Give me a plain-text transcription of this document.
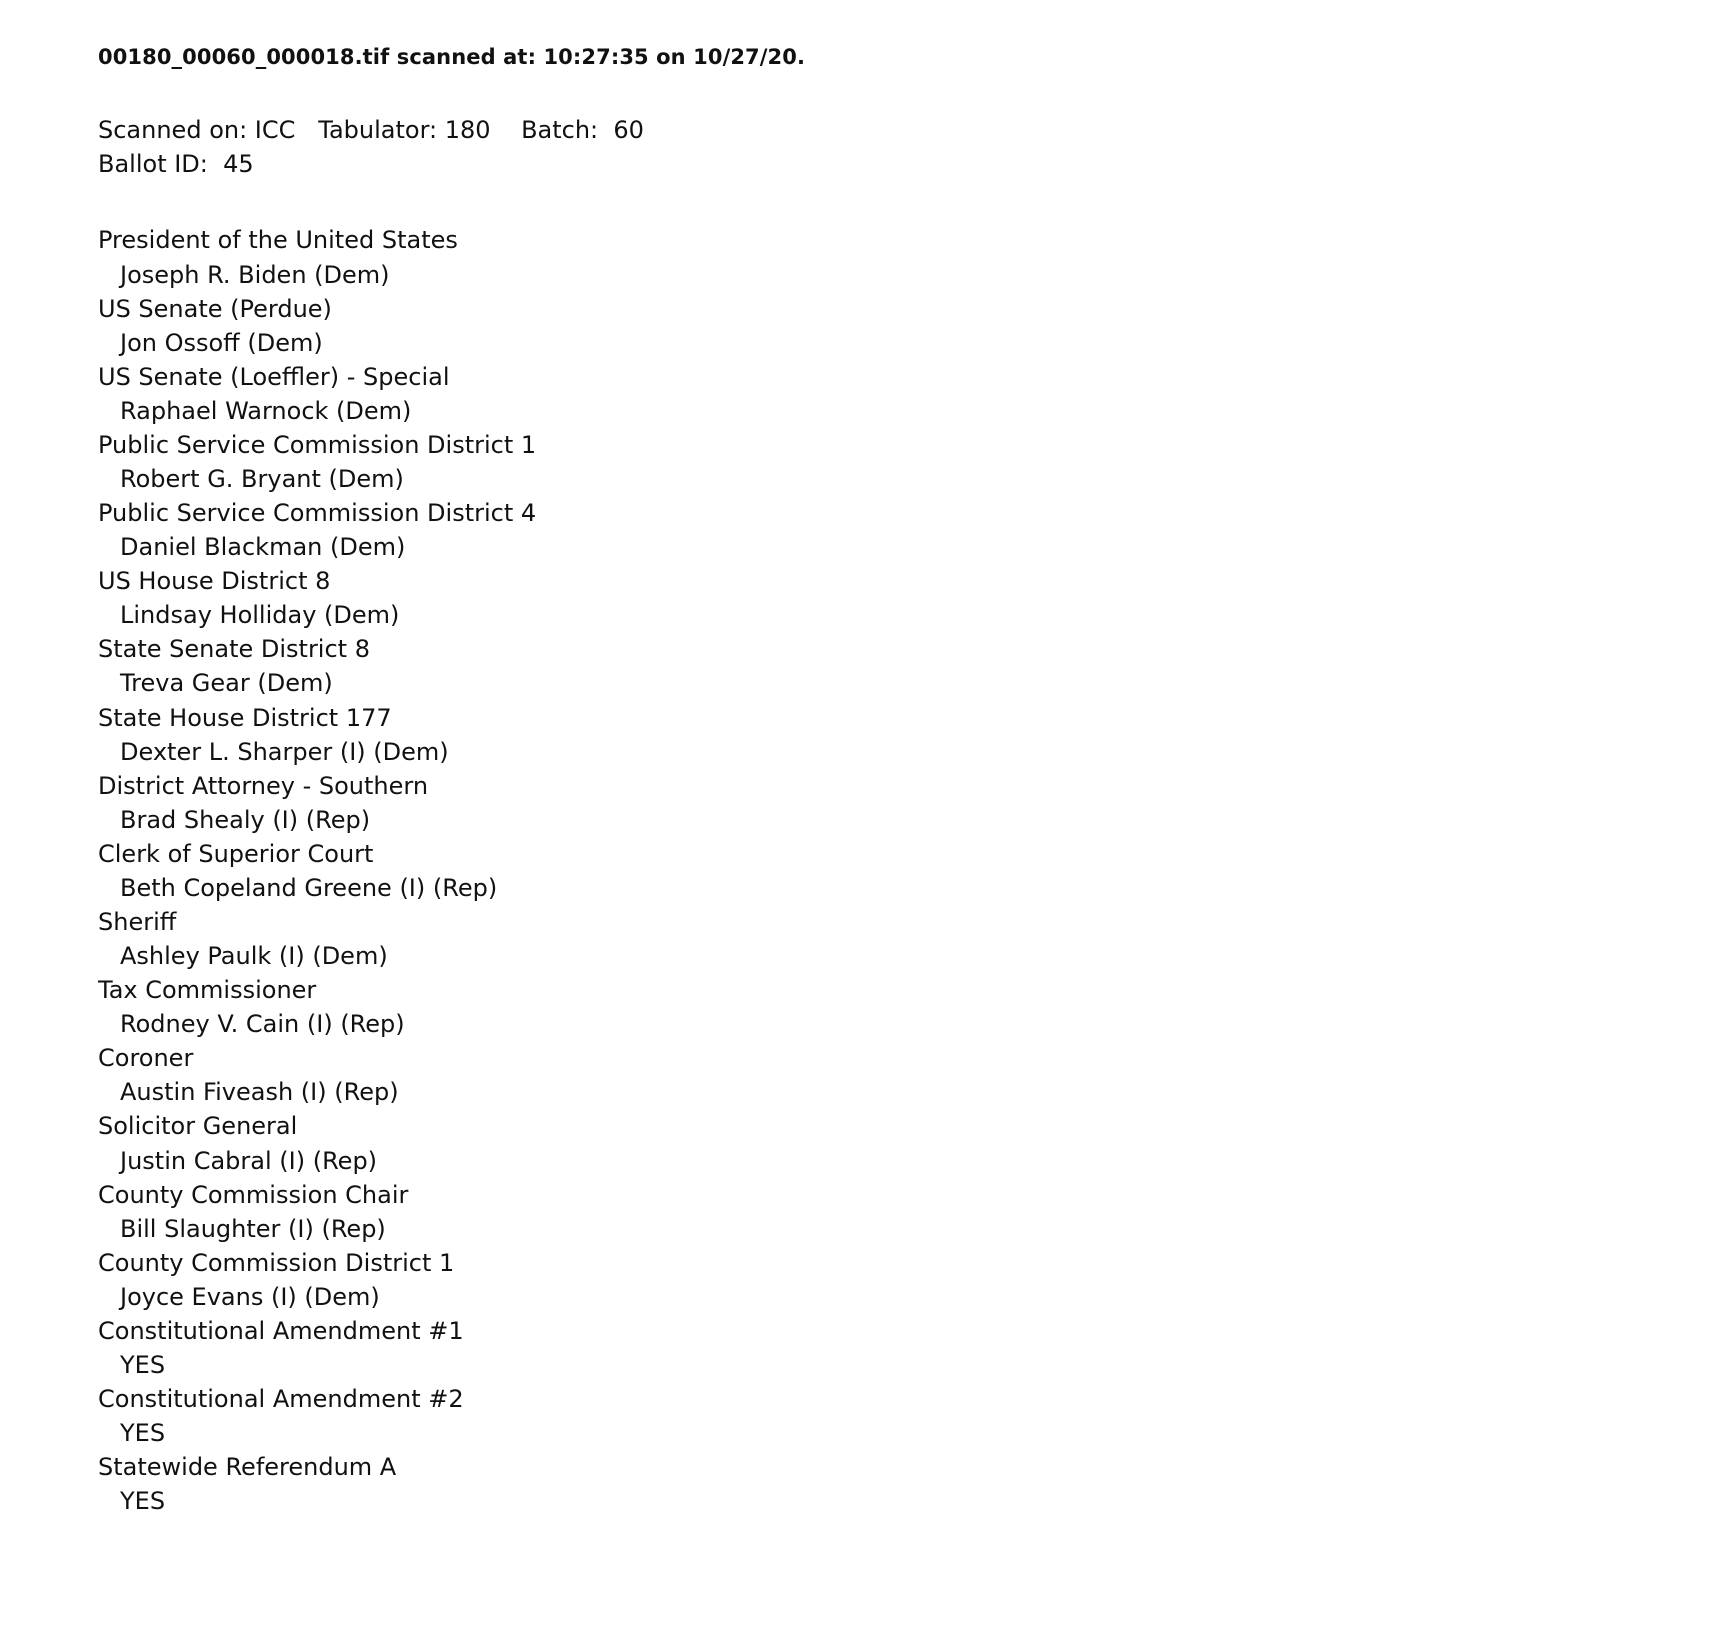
00180_00060_000018.tif scanned at: 10:27:35 on 10/27/20.
Scanned on: ICC   Tabulator: 180    Batch:  60
Ballot ID:  45
President of the United States
Joseph R. Biden (Dem)
US Senate (Perdue)
Jon Ossoff (Dem)
US Senate (Loeffler) - Special
Raphael Warnock (Dem)
Public Service Commission District 1
Robert G. Bryant (Dem)
Public Service Commission District 4
Daniel Blackman (Dem)
US House District 8
Lindsay Holliday (Dem)
State Senate District 8
Treva Gear (Dem)
State House District 177
Dexter L. Sharper (I) (Dem)
District Attorney - Southern
Brad Shealy (I) (Rep)
Clerk of Superior Court
Beth Copeland Greene (I) (Rep)
Sheriff
Ashley Paulk (I) (Dem)
Tax Commissioner
Rodney V. Cain (I) (Rep)
Coroner
Austin Fiveash (I) (Rep)
Solicitor General
Justin Cabral (I) (Rep)
County Commission Chair
Bill Slaughter (I) (Rep)
County Commission District 1
Joyce Evans (I) (Dem)
Constitutional Amendment #1
YES
Constitutional Amendment #2
YES
Statewide Referendum A
YES
